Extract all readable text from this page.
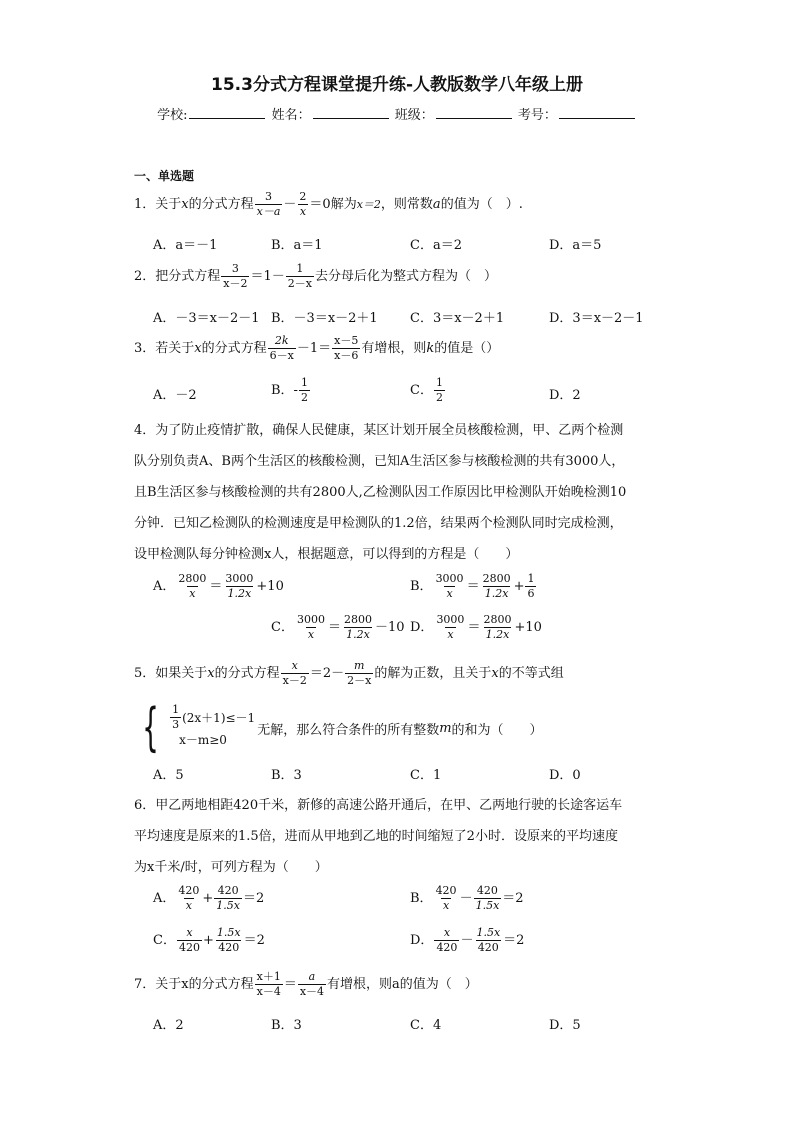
15.3分式方程课堂提升练-人教版数学八年级上册
学校:	姓名：	班级：	考号：
一、单选题
1．关于x的分式方程 $\frac{3}{x-a} - \frac{2}{x} =0$解为x＝2，则常数a的值为（　）.
A．a＝－1	B．a＝1	C．a＝2	D．a＝5
2．把分式方程 $\frac{3}{x-2} =1- \frac{1}{2-x}$ 去分母后化为整式方程为（　）
A．－3＝x－2－1 B．－3＝x－2＋1 C．3＝x－2＋1	D．3＝x－2－1
3．若关于x的分式方程 $\frac{2k}{6-x} -1= \frac{x-5}{x-6}$ 有增根，则k的值是（）
A．－2	B．- $\frac{1}{2}$	C． $\frac{1}{2}$	D．2
4．为了防止疫情扩散，确保人民健康，某区计划开展全员核酸检测，甲、乙两个检测
队分别负责A、B两个生活区的核酸检测，已知A生活区参与核酸检测的共有3000人，
且B生活区参与核酸检测的共有2800人,乙检测队因工作原因比甲检测队开始晚检测10
分钟．已知乙检测队的检测速度是甲检测队的1.2倍，结果两个检测队同时完成检测，
设甲检测队每分钟检测x人，根据题意，可以得到的方程是（　　）
A． $\frac{2800}{x} = \frac{3000}{1.2x} +10$	B． $\frac{3000}{x} = \frac{2800}{1.2x} + \frac{1}{6}$
C． $\frac{3000}{x} = \frac{2800}{1.2x} -10$ D． $\frac{3000}{x} = \frac{2800}{1.2x} +10$
5．如果关于x的分式方程 $\frac{x}{x-2} =2- \frac{m}{2-x}$ 的解为正数，且关于x的不等式组
{ $\frac{1}{3} (2x+1)\le-1$
x－m≥0
无解，那么符合条件的所有整数 m 的和为（　　）
A．5	B．3	C．1	D．0
6．甲乙两地相距420千米，新修的高速公路开通后，在甲、乙两地行驶的长途客运车
平均速度是原来的1.5倍，进而从甲地到乙地的时间缩短了2小时．设原来的平均速度
为x千米/时，可列方程为（　　）
A． $\frac{420}{x} + \frac{420}{1.5x} =2$	B． $\frac{420}{x} - \frac{420}{1.5x} =2$
C． $\frac{x}{420} + \frac{1.5x}{420} =2$	D． $\frac{x}{420} - \frac{1.5x}{420} =2$
7．关于x的分式方程 $\frac{x+1}{x-4} = \frac{a}{x-4}$ 有增根，则a的值为（　）
A．2	B．3	C．4	D．5
